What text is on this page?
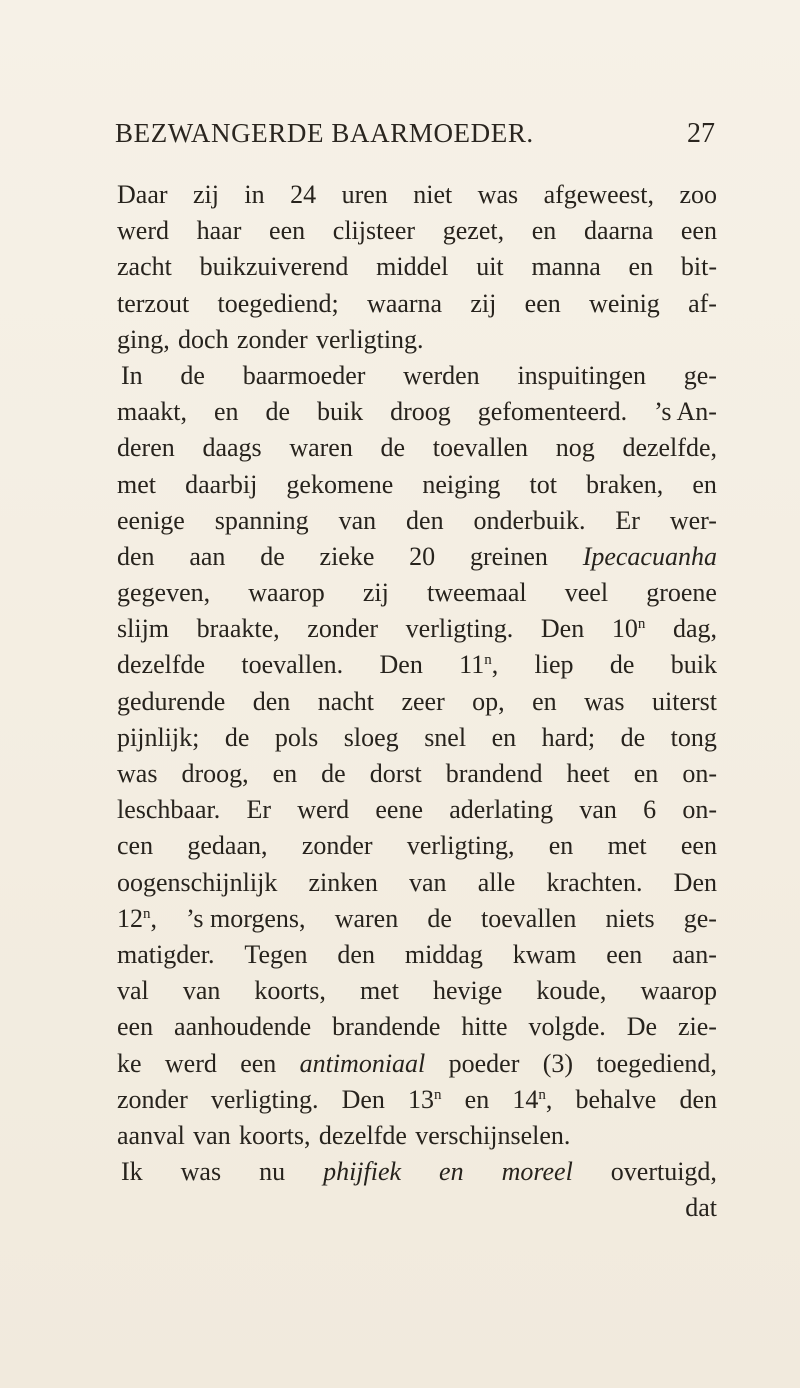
BEZWANGERDE BAARMOEDER.	27
Daar zij in 24 uren niet was afgeweest, zoo
werd haar een clijsteer gezet, en daarna een
zacht buikzuiverend middel uit manna en bit-
terzout toegediend; waarna zij een weinig af-
ging, doch zonder verligting.
In de baarmoeder werden inspuitingen ge-
maakt, en de buik droog gefomenteerd. ’s An-
deren daags waren de toevallen nog dezelfde,
met daarbij gekomene neiging tot braken, en
eenige spanning van den onderbuik. Er wer-
den aan de zieke 20 greinen Ipecacuanha
gegeven, waarop zij tweemaal veel groene
slijm braakte, zonder verligting. Den 10$^n$ dag,
dezelfde toevallen. Den 11$^n$, liep de buik
gedurende den nacht zeer op, en was uiterst
pijnlijk; de pols sloeg snel en hard; de tong
was droog, en de dorst brandend heet en on-
leschbaar. Er werd eene aderlating van 6 on-
cen gedaan, zonder verligting, en met een
oogenschijnlijk zinken van alle krachten. Den
12$^n$, ’s morgens, waren de toevallen niets ge-
matigder. Tegen den middag kwam een aan-
val van koorts, met hevige koude, waarop
een aanhoudende brandende hitte volgde. De zie-
ke werd een antimoniaal poeder (3) toegediend,
zonder verligting. Den 13$^n$ en 14$^n$, behalve den
aanval van koorts, dezelfde verschijnselen.
Ik was nu phijfiek en moreel overtuigd,
dat
